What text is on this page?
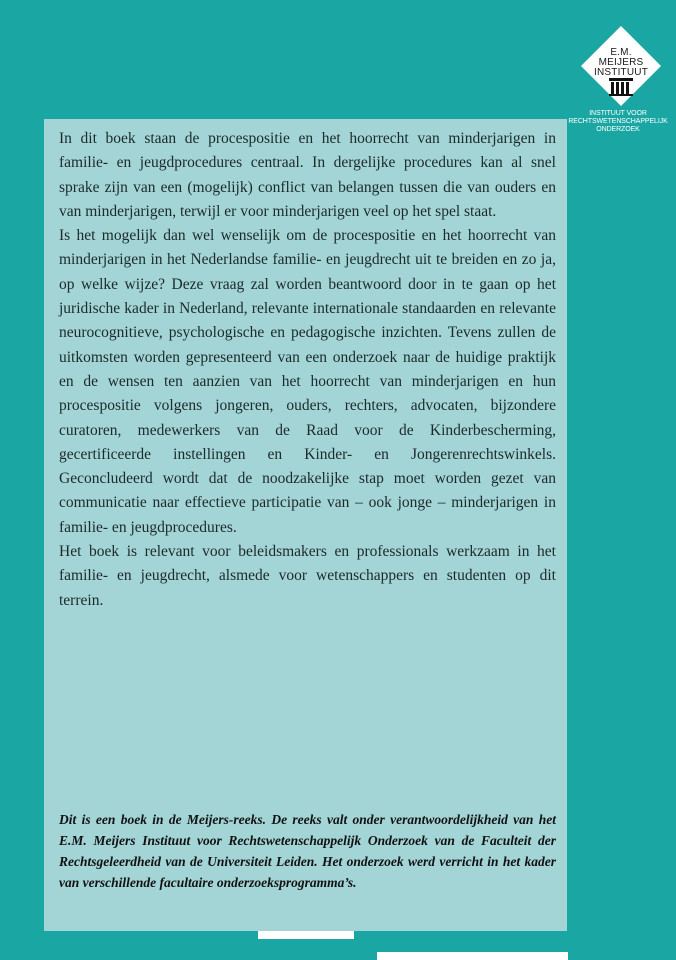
E.M.
MEIJERS
INSTITUUT
INSTITUUT VOOR
RECHTSWETENSCHAPPELIJK
ONDERZOEK

In dit boek staan de procespositie en het hoorrecht van minderjarigen in familie- en jeugdprocedures centraal. In dergelijke procedures kan al snel sprake zijn van een (mogelijk) conflict van belangen tussen die van ouders en van minderjarigen, terwijl er voor minderjarigen veel op het spel staat.

Is het mogelijk dan wel wenselijk om de procespositie en het hoorrecht van minderjarigen in het Nederlandse familie- en jeugdrecht uit te breiden en zo ja, op welke wijze? Deze vraag zal worden beantwoord door in te gaan op het juridische kader in Nederland, relevante internationale standaarden en relevante neurocognitieve, psychologische en pedagogische inzichten. Tevens zullen de uitkomsten worden gepresenteerd van een onderzoek naar de huidige praktijk en de wensen ten aanzien van het hoorrecht van minderjarigen en hun procespositie volgens jongeren, ouders, rechters, advocaten, bijzondere curatoren, medewerkers van de Raad voor de Kinderbescherming, gecertificeerde instellingen en Kinder- en Jongerenrechtswinkels. Geconcludeerd wordt dat de noodzakelijke stap moet worden gezet van communicatie naar effectieve participatie van – ook jonge – minderjarigen in familie- en jeugdprocedures.

Het boek is relevant voor beleidsmakers en professionals werkzaam in het familie- en jeugdrecht, alsmede voor wetenschappers en studenten op dit terrein.

Dit is een boek in de Meijers-reeks. De reeks valt onder verantwoordelijkheid van het E.M. Meijers Instituut voor Rechtswetenschappelijk Onderzoek van de Faculteit der Rechtsgeleerdheid van de Universiteit Leiden. Het onderzoek werd verricht in het kader van verschillende facultaire onderzoeksprogramma’s.
